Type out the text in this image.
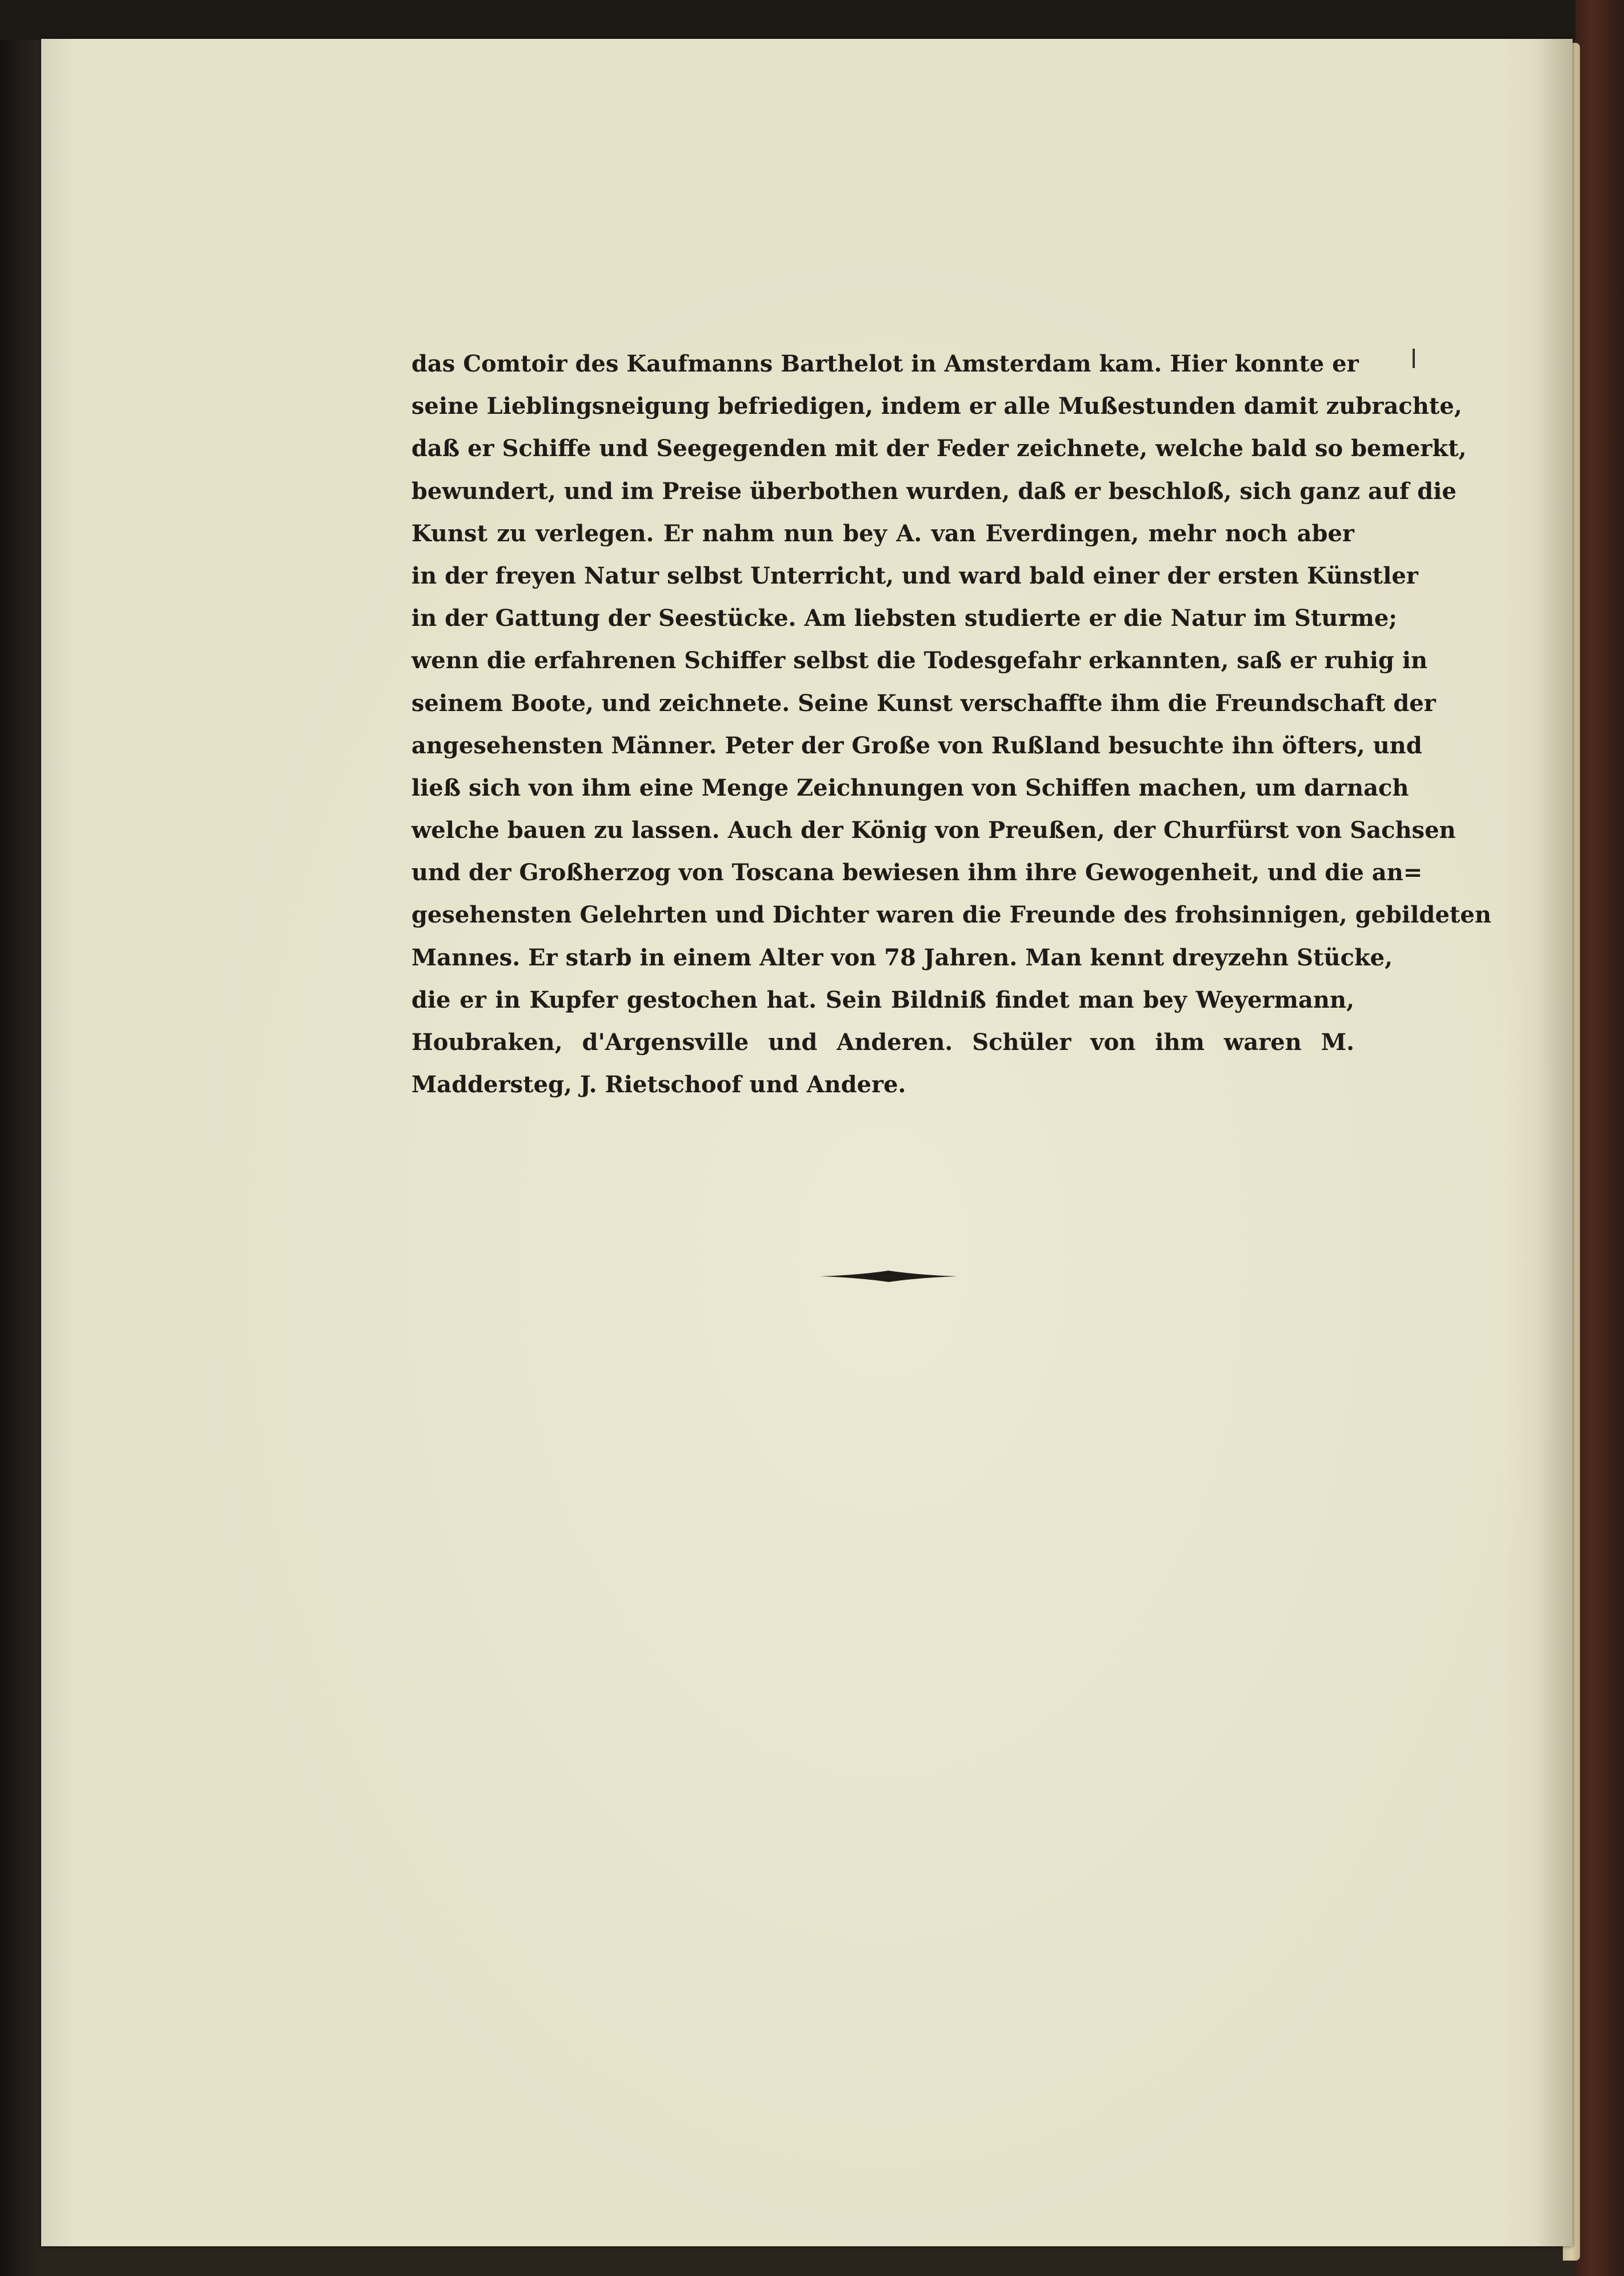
das Comtoir des Kaufmanns Barthelot in Amsterdam kam. Hier konnte er
seine Lieblingsneigung befriedigen, indem er alle Mußestunden damit zubrachte,
daß er Schiffe und Seegegenden mit der Feder zeichnete, welche bald so bemerkt,
bewundert, und im Preise überbothen wurden, daß er beschloß, sich ganz auf die
Kunst zu verlegen. Er nahm nun bey A. van Everdingen, mehr noch aber
in der freyen Natur selbst Unterricht, und ward bald einer der ersten Künstler
in der Gattung der Seestücke. Am liebsten studierte er die Natur im Sturme;
wenn die erfahrenen Schiffer selbst die Todesgefahr erkannten, saß er ruhig in
seinem Boote, und zeichnete. Seine Kunst verschaffte ihm die Freundschaft der
angesehensten Männer. Peter der Große von Rußland besuchte ihn öfters, und
ließ sich von ihm eine Menge Zeichnungen von Schiffen machen, um darnach
welche bauen zu lassen. Auch der König von Preußen, der Churfürst von Sachsen
und der Großherzog von Toscana bewiesen ihm ihre Gewogenheit, und die an=
gesehensten Gelehrten und Dichter waren die Freunde des frohsinnigen, gebildeten
Mannes. Er starb in einem Alter von 78 Jahren. Man kennt dreyzehn Stücke,
die er in Kupfer gestochen hat. Sein Bildniß findet man bey Weyermann,
Houbraken, d'Argensville und Anderen. Schüler von ihm waren M.
Maddersteg, J. Rietschoof und Andere.
